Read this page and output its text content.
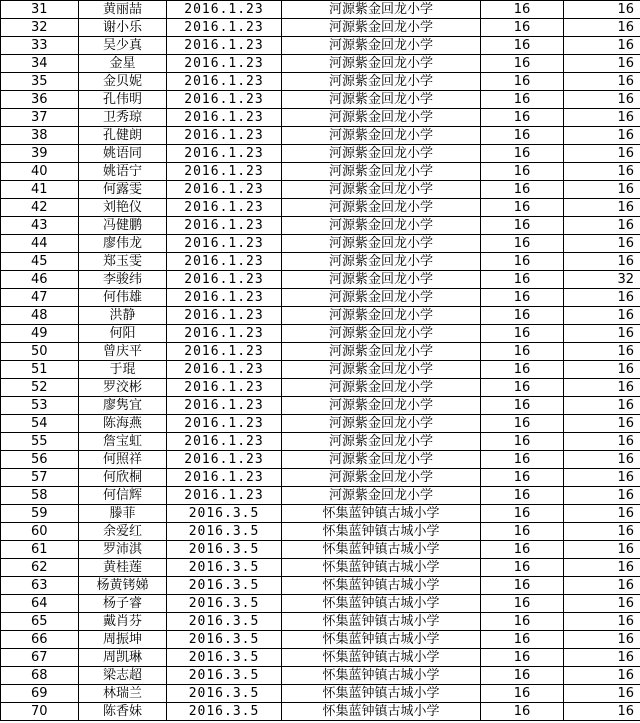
31	黄丽喆	2016.1.23	河源紫金回龙小学	16	16
32	谢小乐	2016.1.23	河源紫金回龙小学	16	16
33	吴少真	2016.1.23	河源紫金回龙小学	16	16
34	金星	2016.1.23	河源紫金回龙小学	16	16
35	金贝妮	2016.1.23	河源紫金回龙小学	16	16
36	孔伟明	2016.1.23	河源紫金回龙小学	16	16
37	卫秀琼	2016.1.23	河源紫金回龙小学	16	16
38	孔健朗	2016.1.23	河源紫金回龙小学	16	16
39	姚语同	2016.1.23	河源紫金回龙小学	16	16
40	姚语宁	2016.1.23	河源紫金回龙小学	16	16
41	何露雯	2016.1.23	河源紫金回龙小学	16	16
42	刘艳仪	2016.1.23	河源紫金回龙小学	16	16
43	冯健鹏	2016.1.23	河源紫金回龙小学	16	16
44	廖伟龙	2016.1.23	河源紫金回龙小学	16	16
45	郑玉雯	2016.1.23	河源紫金回龙小学	16	16
46	李骏纬	2016.1.23	河源紫金回龙小学	16	32
47	何伟雄	2016.1.23	河源紫金回龙小学	16	16
48	洪静	2016.1.23	河源紫金回龙小学	16	16
49	何阳	2016.1.23	河源紫金回龙小学	16	16
50	曾庆平	2016.1.23	河源紫金回龙小学	16	16
51	于琨	2016.1.23	河源紫金回龙小学	16	16
52	罗洨彬	2016.1.23	河源紫金回龙小学	16	16
53	廖隽宜	2016.1.23	河源紫金回龙小学	16	16
54	陈海燕	2016.1.23	河源紫金回龙小学	16	16
55	詹宝虹	2016.1.23	河源紫金回龙小学	16	16
56	何照祥	2016.1.23	河源紫金回龙小学	16	16
57	何欣桐	2016.1.23	河源紫金回龙小学	16	16
58	何信辉	2016.1.23	河源紫金回龙小学	16	16
59	滕菲	2016.3.5	怀集蓝钟镇古城小学	16	16
60	余爱红	2016.3.5	怀集蓝钟镇古城小学	16	16
61	罗沛淇	2016.3.5	怀集蓝钟镇古城小学	16	16
62	黄桂莲	2016.3.5	怀集蓝钟镇古城小学	16	16
63	杨黄铐娣	2016.3.5	怀集蓝钟镇古城小学	16	16
64	杨子睿	2016.3.5	怀集蓝钟镇古城小学	16	16
65	戴肖芬	2016.3.5	怀集蓝钟镇古城小学	16	16
66	周振坤	2016.3.5	怀集蓝钟镇古城小学	16	16
67	周凯琳	2016.3.5	怀集蓝钟镇古城小学	16	16
68	梁志超	2016.3.5	怀集蓝钟镇古城小学	16	16
69	林瑞兰	2016.3.5	怀集蓝钟镇古城小学	16	16
70	陈香妹	2016.3.5	怀集蓝钟镇古城小学	16	16
